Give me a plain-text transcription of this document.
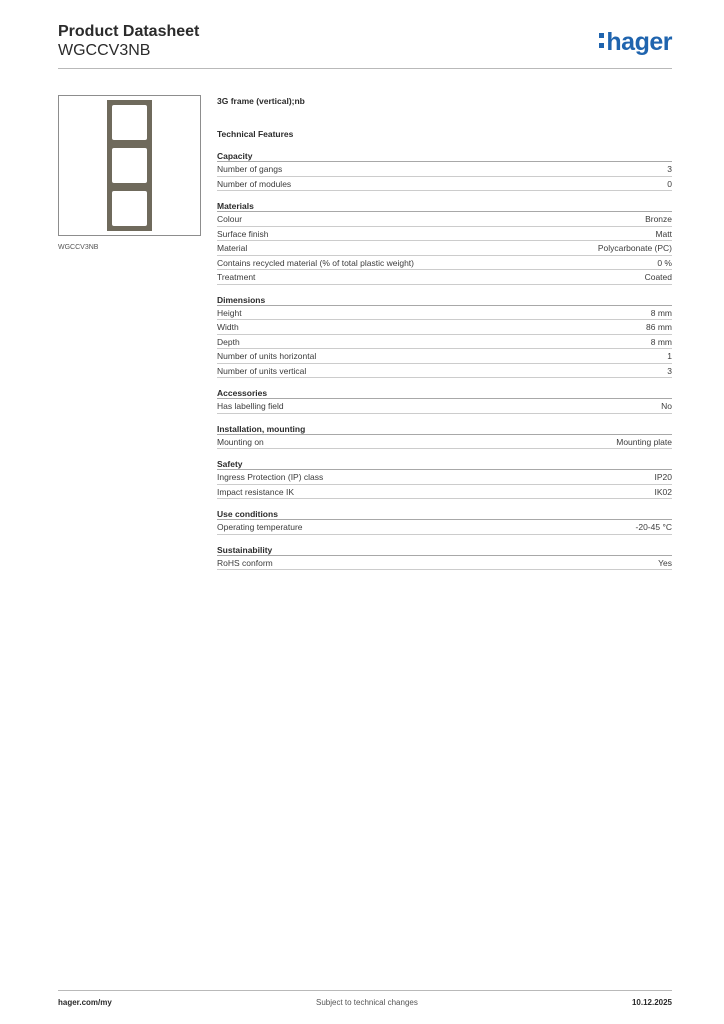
Product Datasheet
WGCCV3NB	hager
WGCCV3NB
3G frame (vertical);nb
Technical Features
Capacity
Number of gangs	3
Number of modules	0
Materials
Colour	Bronze
Surface finish	Matt
Material	Polycarbonate (PC)
Contains recycled material (% of total plastic weight)	0 %
Treatment	Coated
Dimensions
Height	8 mm
Width	86 mm
Depth	8 mm
Number of units horizontal	1
Number of units vertical	3
Accessories
Has labelling field	No
Installation, mounting
Mounting on	Mounting plate
Safety
Ingress Protection (IP) class	IP20
Impact resistance IK	IK02
Use conditions
Operating temperature	-20-45 °C
Sustainability
RoHS conform	Yes
hager.com/my	Subject to technical changes	10.12.2025
